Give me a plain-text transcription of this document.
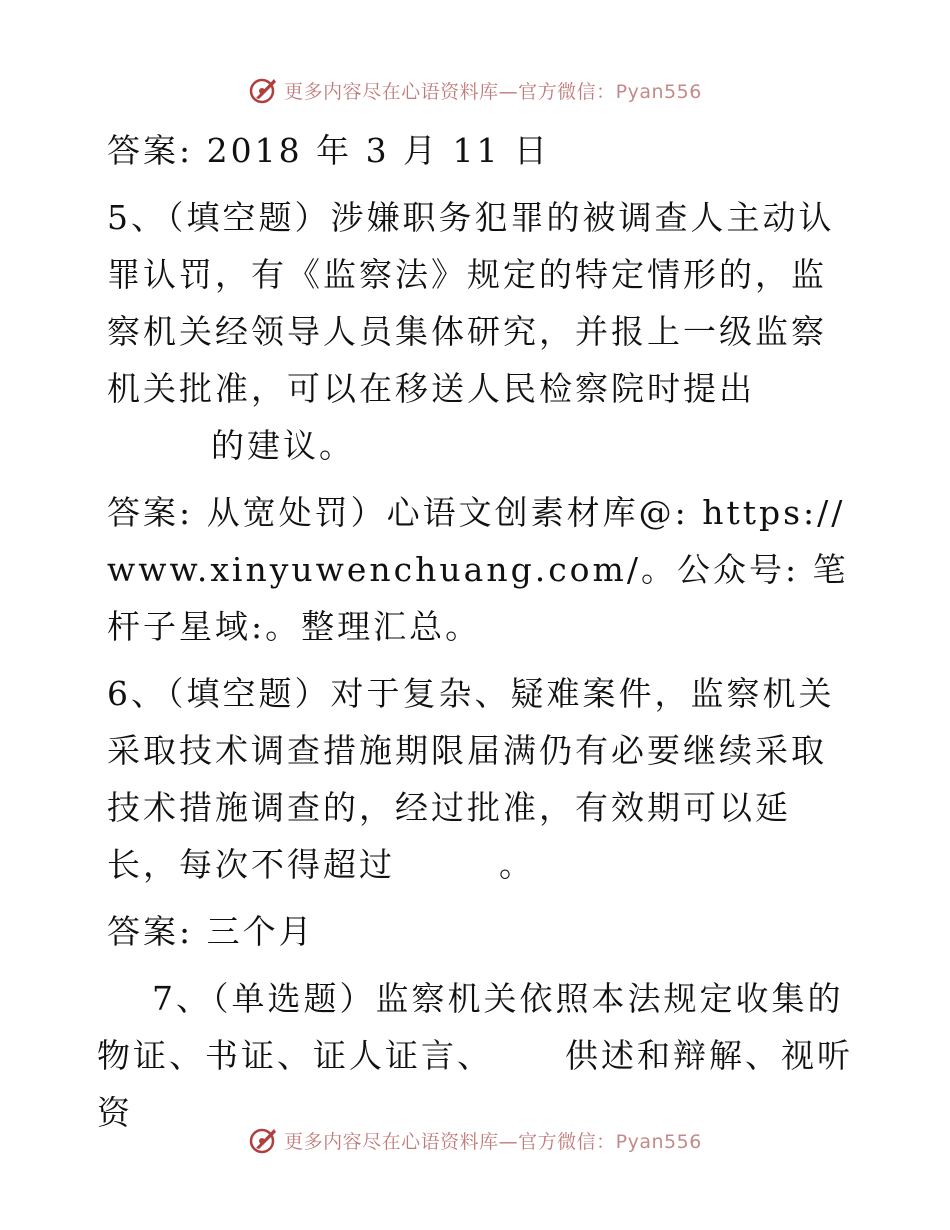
更多内容尽在心语资料库—官方微信：Pyan556

答案: 2018 年 3 月 11 日

5、（填空题）涉嫌职务犯罪的被调查人主动认罪认罚，有《监察法》规定的特定情形的，监察机关经领导人员集体研究，并报上一级监察机关批准，可以在移送人民检察院时提出的建议。

答案: 从宽处罚）心语文创素材库@: https://www.xinyuwenchuang.com/。公众号: 笔杆子星域:。整理汇总。

6、（填空题）对于复杂、疑难案件，监察机关采取技术调查措施期限届满仍有必要继续采取技术措施调查的，经过批准，有效期可以延长，每次不得超过	。

答案: 三个月

7、（单选题）监察机关依照本法规定收集的物证、书证、证人证言、 供述和辩解、视听资

更多内容尽在心语资料库—官方微信：Pyan556
